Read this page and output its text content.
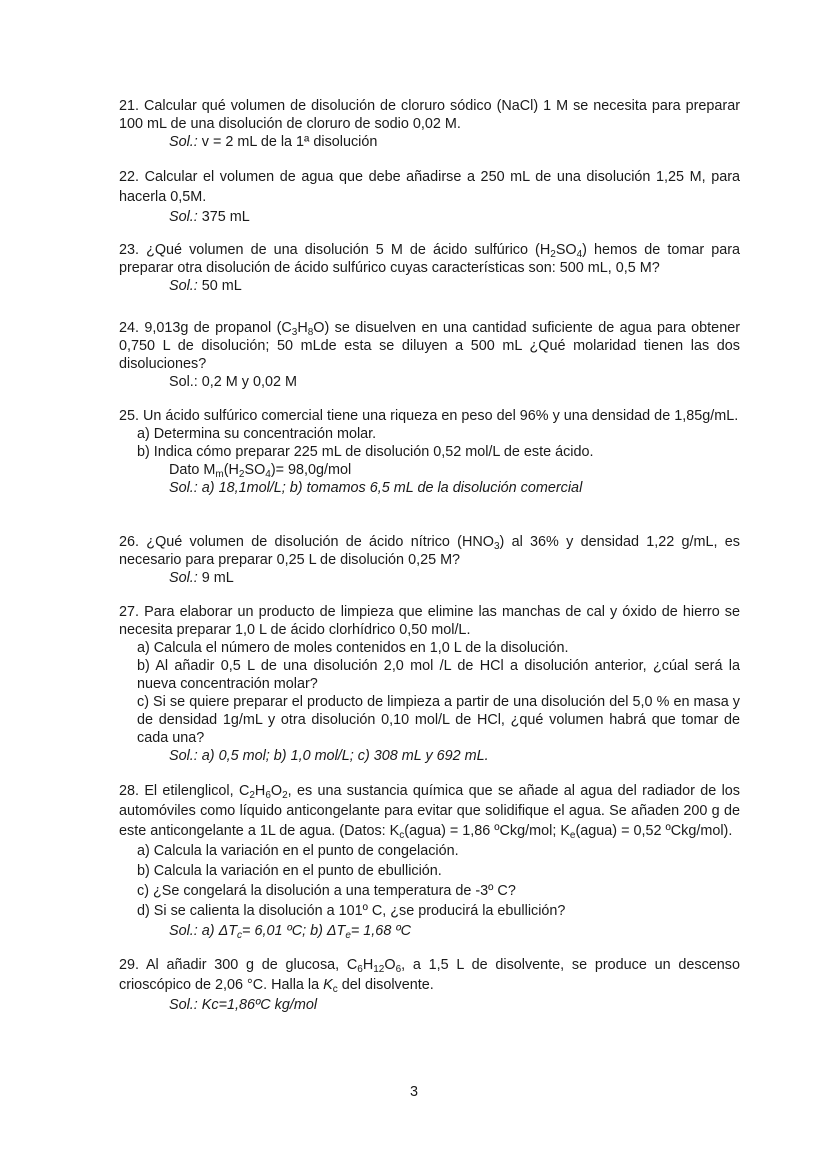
21. Calcular qué volumen de disolución de cloruro sódico (NaCl) 1 M se necesita para preparar 100 mL de una disolución de cloruro de sodio 0,02 M.

Sol.: v = 2 mL de la 1ª disolución

22. Calcular el volumen de agua que debe añadirse a 250 mL de una disolución 1,25 M, para hacerla 0,5M.

Sol.: 375 mL

23. ¿Qué volumen de una disolución 5 M de ácido sulfúrico $(H_2SO_4)$ hemos de tomar para preparar otra disolución de ácido sulfúrico cuyas características son: 500 mL, 0,5 M?

Sol.: 50 mL

24. 9,013g de propanol $(C_3H_8O)$ se disuelven en una cantidad suficiente de agua para obtener 0,750 L de disolución; 50 mLde esta se diluyen a 500 mL ¿Qué molaridad tienen las dos disoluciones?

Sol.: 0,2 M y 0,02 M

25. Un ácido sulfúrico comercial tiene una riqueza en peso del 96% y una densidad de 1,85g/mL.

a) Determina su concentración molar.

b) Indica cómo preparar 225 mL de disolución 0,52 mol/L de este ácido.

Dato $M_m(H_2SO_4)= 98,0g/mol$

Sol.: a) 18,1mol/L; b) tomamos 6,5 mL de la disolución comercial

26. ¿Qué volumen de disolución de ácido nítrico $(HNO_3)$ al 36% y densidad 1,22 g/mL, es necesario para preparar 0,25 L de disolución 0,25 M?

Sol.: 9 mL

27. Para elaborar un producto de limpieza que elimine las manchas de cal y óxido de hierro se necesita preparar 1,0 L de ácido clorhídrico 0,50 mol/L.

a) Calcula el número de moles contenidos en 1,0 L de la disolución.

b) Al añadir 0,5 L de una disolución 2,0 mol /L de HCl a disolución anterior, ¿cúal será la nueva concentración molar?

c) Si se quiere preparar el producto de limpieza a partir de una disolución del 5,0 % en masa y de densidad 1g/mL y otra disolución 0,10 mol/L de HCl, ¿qué volumen habrá que tomar de cada una?

Sol.: a) 0,5 mol; b) 1,0 mol/L; c) 308 mL y 692 mL.

28. El etilenglicol, $C_2H_6O_2$, es una sustancia química que se añade al agua del radiador de los automóviles como líquido anticongelante para evitar que solidifique el agua. Se añaden 200 g de este anticongelante a 1L de agua. (Datos: $K_c(agua) = 1,86$ ºCkg/mol; $K_e(agua) = 0,52$ ºCkg/mol).

a) Calcula la variación en el punto de congelación.

b) Calcula la variación en el punto de ebullición.

c) ¿Se congelará la disolución a una temperatura de -3º C?

d) Si se calienta la disolución a 101º C, ¿se producirá la ebullición?

Sol.: a) $\Delta T_c= 6,01$ ºC; b) $\Delta T_e= 1,68$ ºC

29. Al añadir 300 g de glucosa, $C_6H_{12}O_6$, a 1,5 L de disolvente, se produce un descenso crioscópico de 2,06 °C. Halla la $K_c$ del disolvente.

Sol.: Kc=1,86ºC kg/mol

3
